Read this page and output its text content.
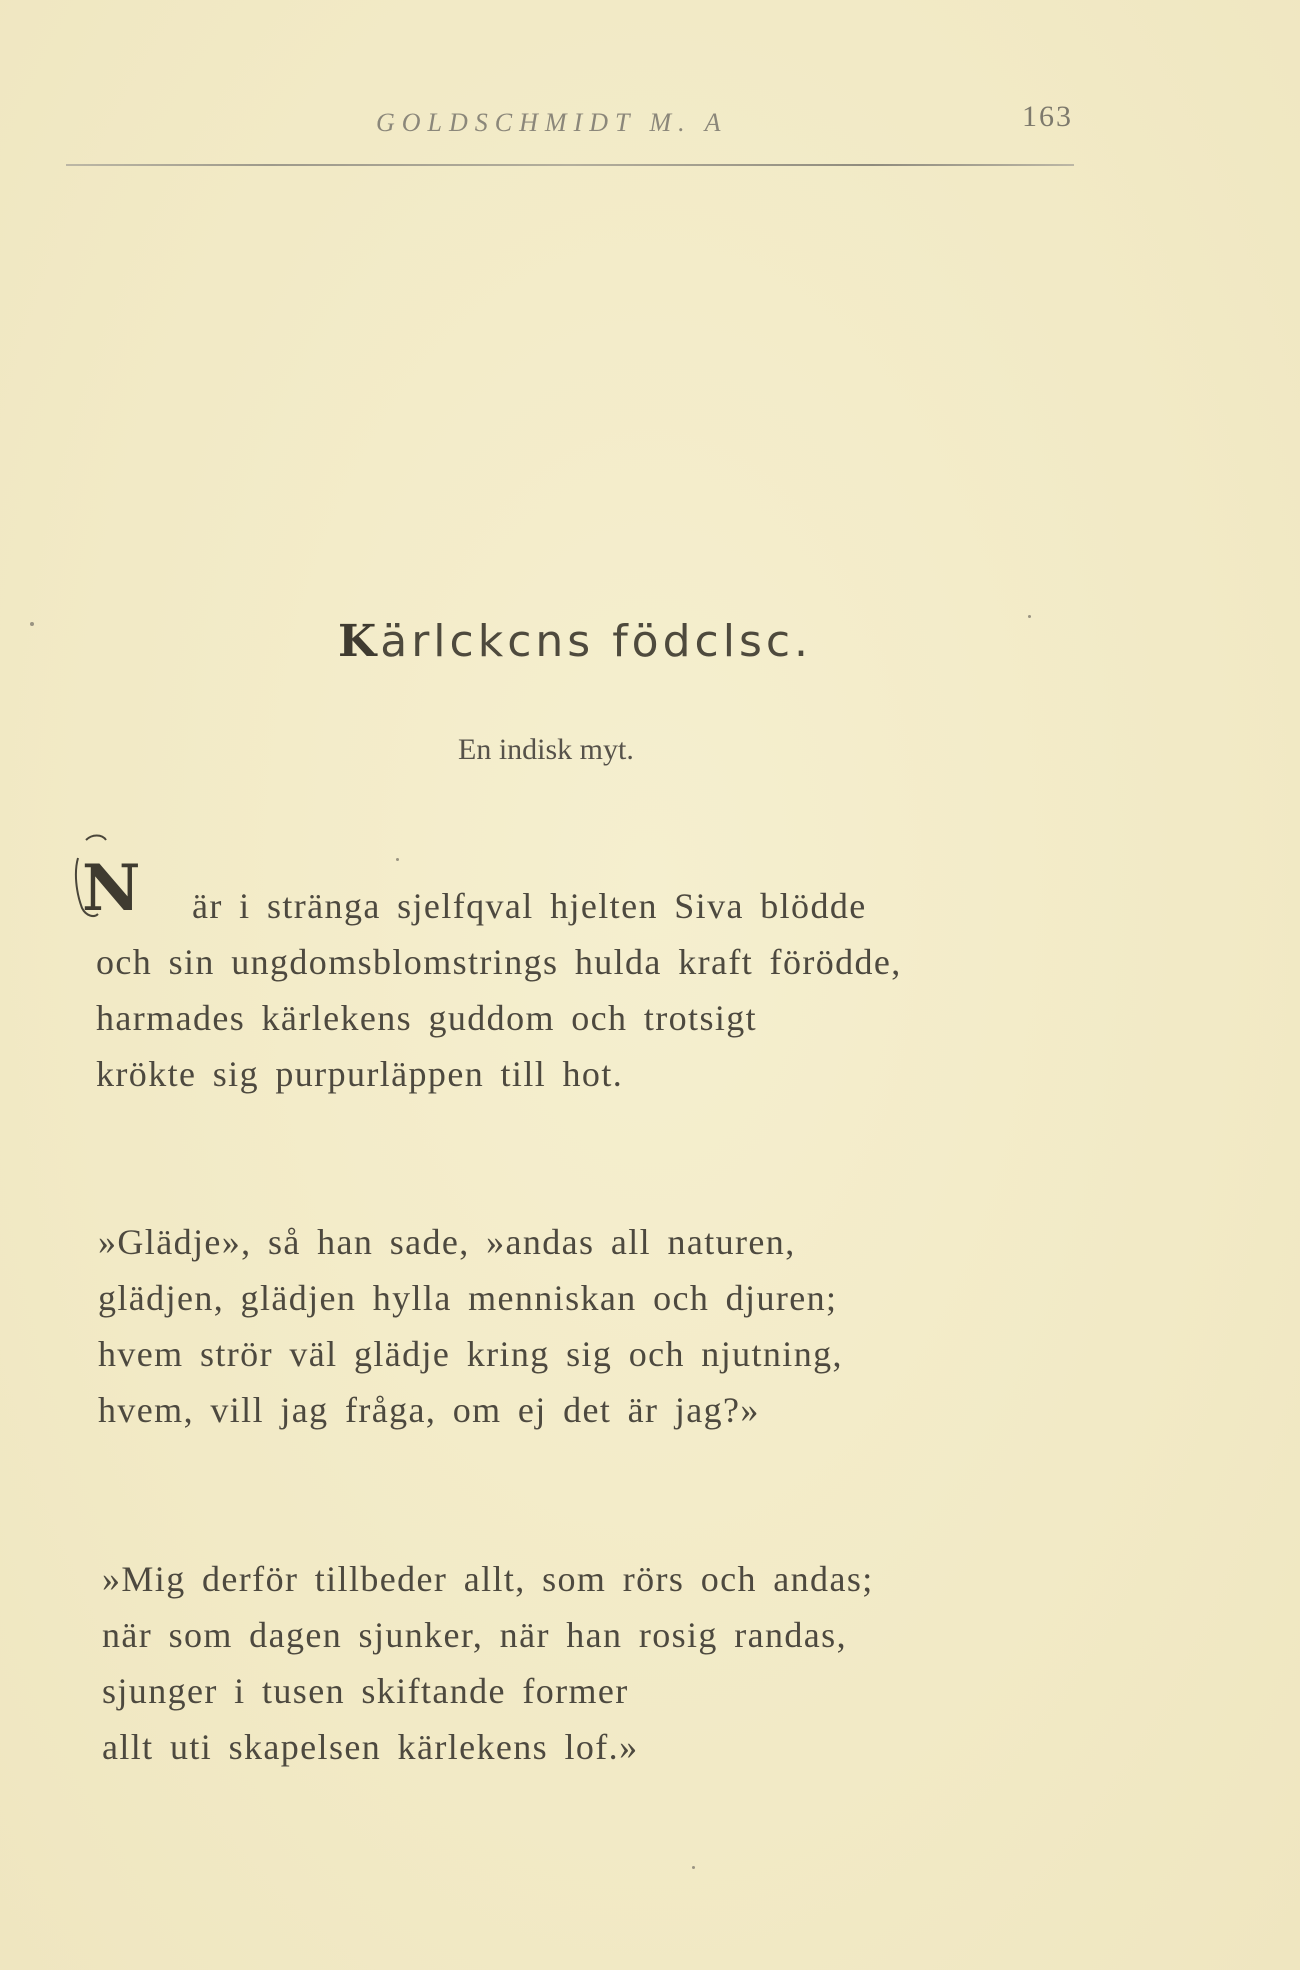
GOLDSCHMIDT M. A	163
Kärlckcns födclsc.
En indisk myt.
N	är i stränga sjelfqval hjelten Siva blödde
och sin ungdomsblomstrings hulda kraft förödde,
harmades kärlekens guddom och trotsigt
krökte sig purpurläppen till hot.
»Glädje», så han sade, »andas all naturen,
glädjen, glädjen hylla menniskan och djuren;
hvem strör väl glädje kring sig och njutning,
hvem, vill jag fråga, om ej det är jag?»
»Mig derför tillbeder allt, som rörs och andas;
när som dagen sjunker, när han rosig randas,
sjunger i tusen skiftande former
allt uti skapelsen kärlekens lof.»
